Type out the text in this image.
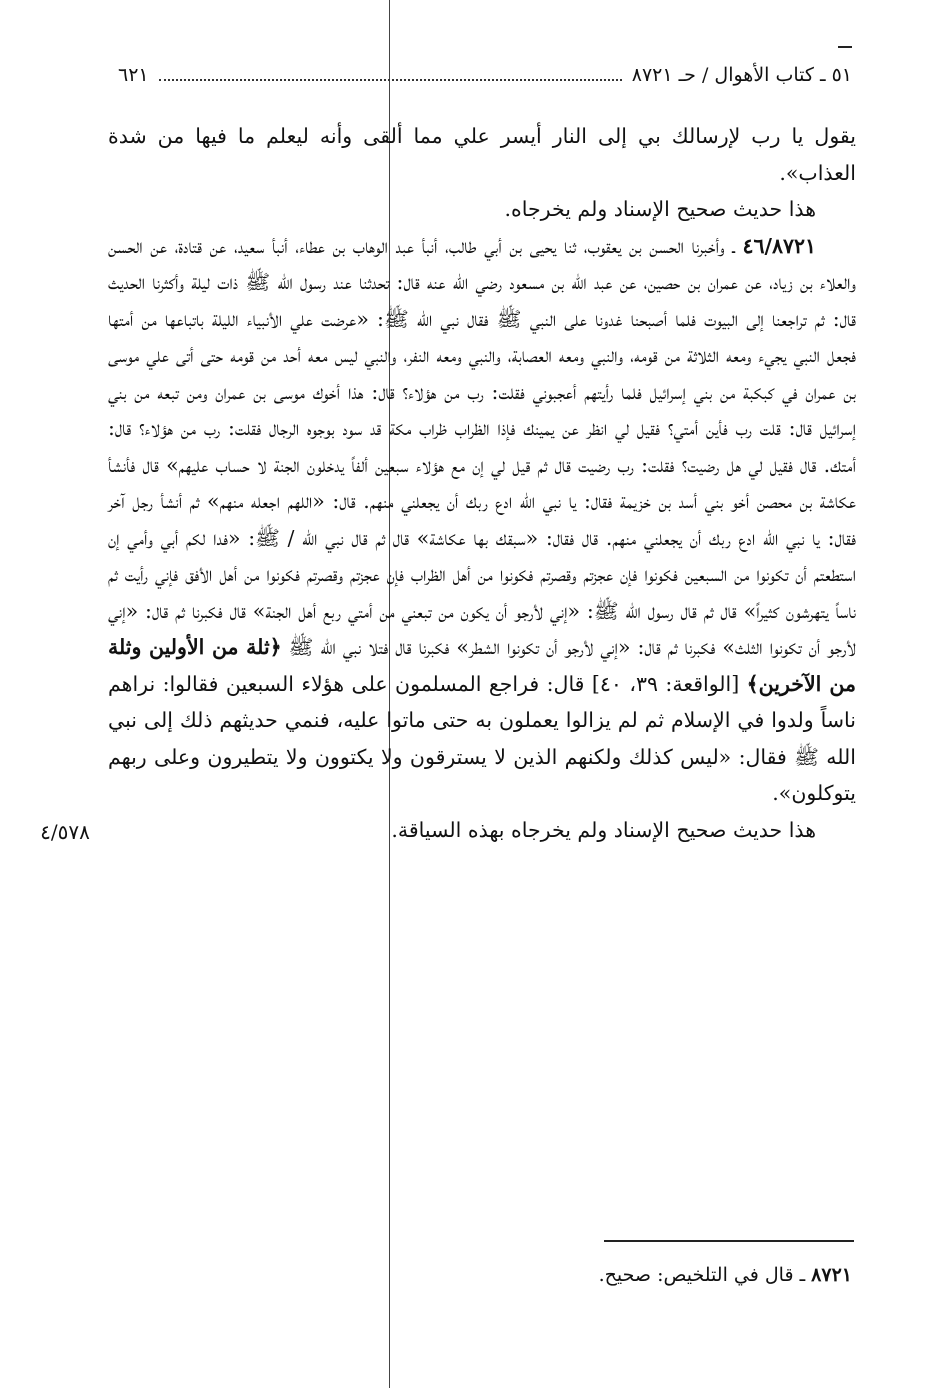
٥١ ـ كتاب الأهوال / حـ ٨٧٢١
٦٢١
٤/٥٧٨

يقول يا رب لإرسالك بي إلى النار أيسر علي مما ألقى وأنه ليعلم ما فيها من شدة العذاب».

هذا حديث صحيح الإسناد ولم يخرجاه.

٤٦/٨٧٢١ ـ وأخبرنا الحسن بن يعقوب، ثنا يحيى بن أبي طالب، أنبأ عبد الوهاب بن عطاء، أنبأ سعيد، عن قتادة، عن الحسن والعلاء بن زياد، عن عمران بن حصين، عن عبد الله بن مسعود رضي الله عنه قال: تحدثنا عند رسول الله ﷺ ذات ليلة وأكثرنا الحديث قال: ثم تراجعنا إلى البيوت فلما أصبحنا غدونا على النبي ﷺ فقال نبي الله ﷺ: «عرضت علي الأنبياء الليلة باتباعها من أمتها فجعل النبي يجيء ومعه الثلاثة من قومه، والنبي ومعه العصابة، والنبي ومعه النفر، والنبي ليس معه أحد من قومه حتى أتى علي موسى بن عمران في كبكبة من بني إسرائيل فلما رأيتهم أعجبوني فقلت: رب من هؤلاء؟ قال: هذا أخوك موسى بن عمران ومن تبعه من بني إسرائيل قال: قلت رب فأين أمتي؟ فقيل لي انظر عن يمينك فإذا الظراب ظراب مكة قد سود بوجوه الرجال فقلت: رب من هؤلاء؟ قال: أمتك. قال فقيل لي هل رضيت؟ فقلت: رب رضيت قال ثم قيل لي إن مع هؤلاء سبعين ألفاً يدخلون الجنة لا حساب عليهم» قال فأنشأ عكاشة بن محصن أخو بني أسد بن خزيمة فقال: يا نبي الله ادع ربك أن يجعلني منهم. قال: «اللهم اجعله منهم» ثم أنشأ رجل آخر فقال: يا نبي الله ادع ربك أن يجعلني منهم. قال فقال: «سبقك بها عكاشة» قال ثم قال نبي الله / ﷺ: «فدا لكم أبي وأمي إن استطعتم أن تكونوا من السبعين فكونوا فإن عجزتم وقصرتم فكونوا من أهل الظراب فإن عجزتم وقصرتم فكونوا من أهل الأفق فإني رأيت ثم ناساً يتهرشون كثيراً» قال ثم قال رسول الله ﷺ: «إني لأرجو أن يكون من تبعني من أمتي ربع أهل الجنة» قال فكبرنا ثم قال: «إني لأرجو أن تكونوا الثلث» فكبرنا ثم قال: «إني لأرجو أن تكونوا الشطر» فكبرنا قال فتلا نبي الله ﷺ ﴿ثلة من الأولين وثلة من الآخرين﴾ [الواقعة: ٣٩، ٤٠] قال: فراجع المسلمون على هؤلاء السبعين فقالوا: نراهم ناساً ولدوا في الإسلام ثم لم يزالوا يعملون به حتى ماتوا عليه، فنمي حديثهم ذلك إلى نبي الله ﷺ فقال: «ليس كذلك ولكنهم الذين لا يسترقون ولا يكتوون ولا يتطيرون وعلى ربهم يتوكلون».

هذا حديث صحيح الإسناد ولم يخرجاه بهذه السياقة.

٨٧٢١ ـ قال في التلخيص: صحيح.
